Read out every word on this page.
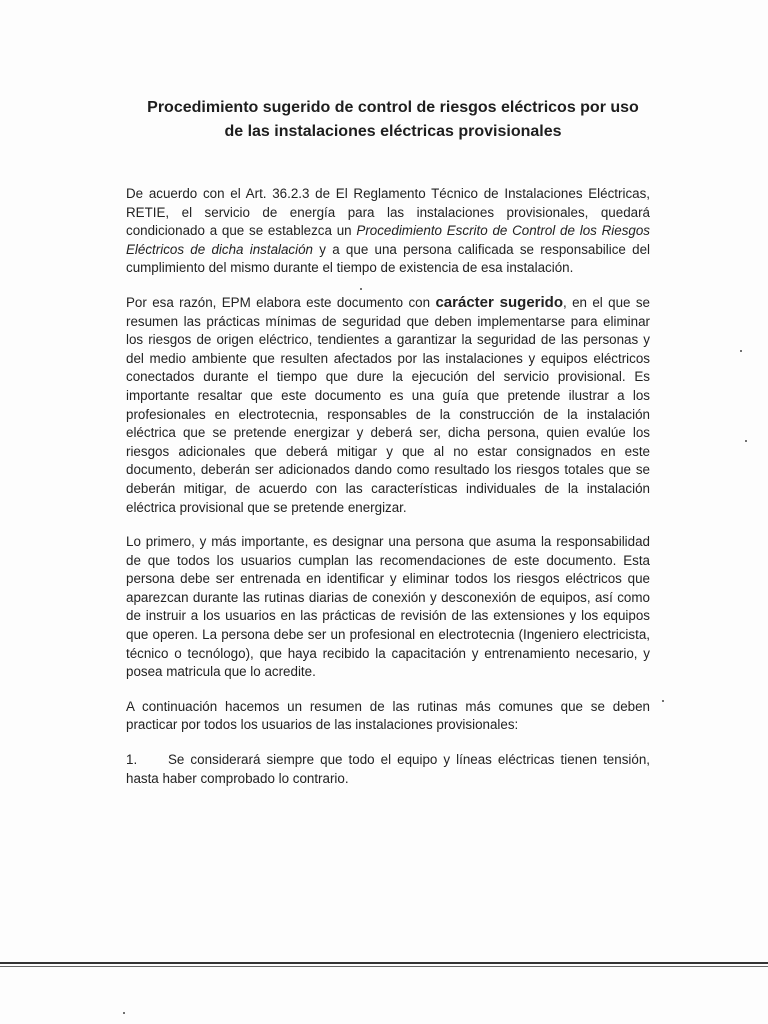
Procedimiento sugerido de control de riesgos eléctricos por uso
de las instalaciones eléctricas provisionales

De acuerdo con el Art. 36.2.3 de El Reglamento Técnico de Instalaciones Eléctricas, RETIE, el servicio de energía para las instalaciones provisionales, quedará condicionado a que se establezca un Procedimiento Escrito de Control de los Riesgos Eléctricos de dicha instalación y a que una persona calificada se responsabilice del cumplimiento del mismo durante el tiempo de existencia de esa instalación.

Por esa razón, EPM elabora este documento con carácter sugerido, en el que se resumen las prácticas mínimas de seguridad que deben implementarse para eliminar los riesgos de origen eléctrico, tendientes a garantizar la seguridad de las personas y del medio ambiente que resulten afectados por las instalaciones y equipos eléctricos conectados durante el tiempo que dure la ejecución del servicio provisional. Es importante resaltar que este documento es una guía que pretende ilustrar a los profesionales en electrotecnia, responsables de la construcción de la instalación eléctrica que se pretende energizar y deberá ser, dicha persona, quien evalúe los riesgos adicionales que deberá mitigar y que al no estar consignados en este documento, deberán ser adicionados dando como resultado los riesgos totales que se deberán mitigar, de acuerdo con las características individuales de la instalación eléctrica provisional que se pretende energizar.

Lo primero, y más importante, es designar una persona que asuma la responsabilidad de que todos los usuarios cumplan las recomendaciones de este documento. Esta persona debe ser entrenada en identificar y eliminar todos los riesgos eléctricos que aparezcan durante las rutinas diarias de conexión y desconexión de equipos, así como de instruir a los usuarios en las prácticas de revisión de las extensiones y los equipos que operen. La persona debe ser un profesional en electrotecnia (Ingeniero electricista, técnico o tecnólogo), que haya recibido la capacitación y entrenamiento necesario, y posea matricula que lo acredite.

A continuación hacemos un resumen de las rutinas más comunes que se deben practicar por todos los usuarios de las instalaciones provisionales:

1. Se considerará siempre que todo el equipo y líneas eléctricas tienen tensión, hasta haber comprobado lo contrario.
